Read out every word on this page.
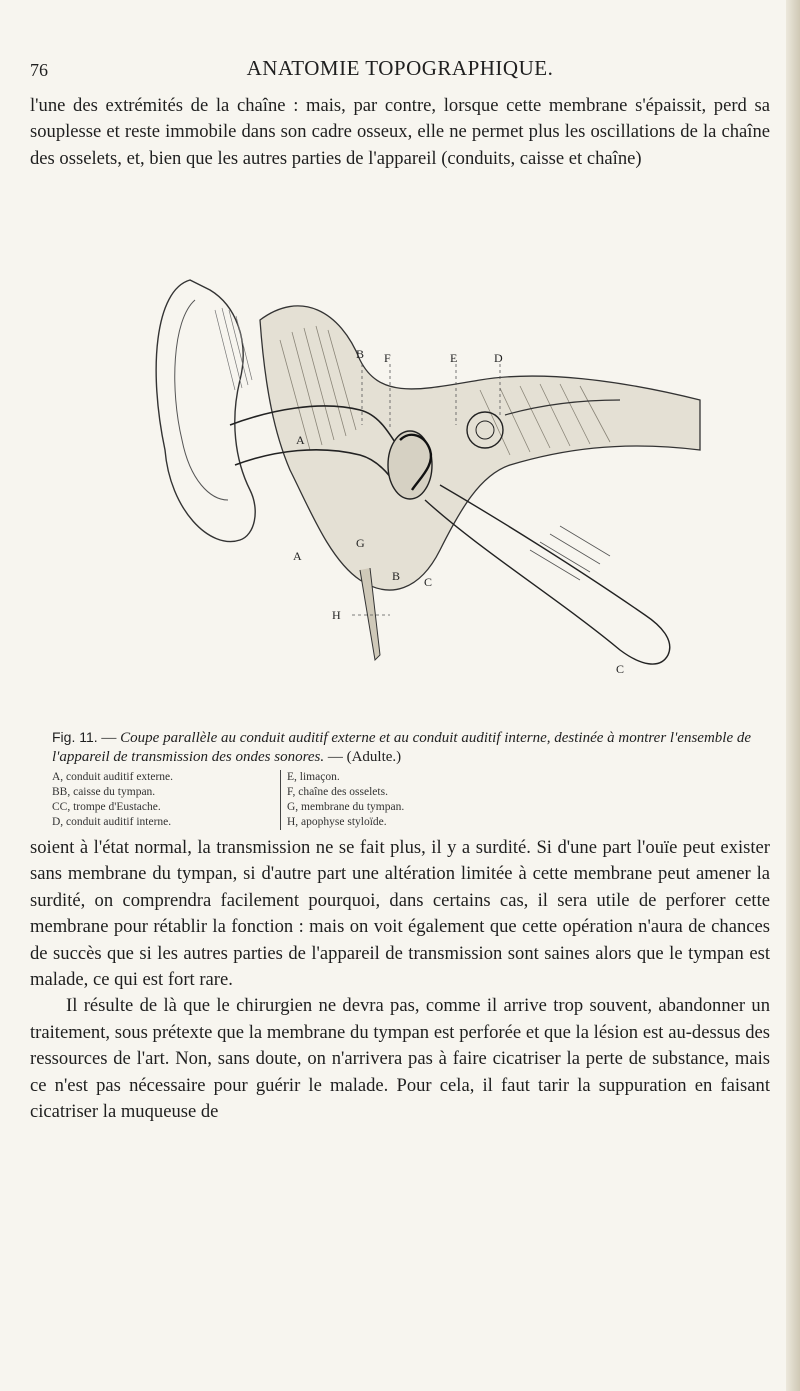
76	ANATOMIE TOPOGRAPHIQUE.

l'une des extrémités de la chaîne : mais, par contre, lorsque cette membrane s'épaissit, perd sa souplesse et reste immobile dans son cadre osseux, elle ne permet plus les oscillations de la chaîne des osselets, et, bien que les autres parties de l'appareil (conduits, caisse et chaîne)

A
A
B F	E	D
G
B C
H
C
Fig. 11. — Coupe parallèle au conduit auditif externe et au conduit auditif interne, destinée à montrer l'ensemble de l'appareil de transmission des ondes sonores. — (Adulte.)
A, conduit auditif externe.
BB, caisse du tympan.
CC, trompe d'Eustache.
D, conduit auditif interne.
E, limaçon.
F, chaîne des osselets.
G, membrane du tympan.
H, apophyse styloïde.

soient à l'état normal, la transmission ne se fait plus, il y a surdité. Si d'une part l'ouïe peut exister sans membrane du tympan, si d'autre part une altération limitée à cette membrane peut amener la surdité, on comprendra facilement pourquoi, dans certains cas, il sera utile de perforer cette membrane pour rétablir la fonction : mais on voit également que cette opération n'aura de chances de succès que si les autres parties de l'appareil de transmission sont saines alors que le tympan est malade, ce qui est fort rare.

Il résulte de là que le chirurgien ne devra pas, comme il arrive trop souvent, abandonner un traitement, sous prétexte que la membrane du tympan est perforée et que la lésion est au-dessus des ressources de l'art. Non, sans doute, on n'arrivera pas à faire cicatriser la perte de substance, mais ce n'est pas nécessaire pour guérir le malade. Pour cela, il faut tarir la suppuration en faisant cicatriser la muqueuse de
